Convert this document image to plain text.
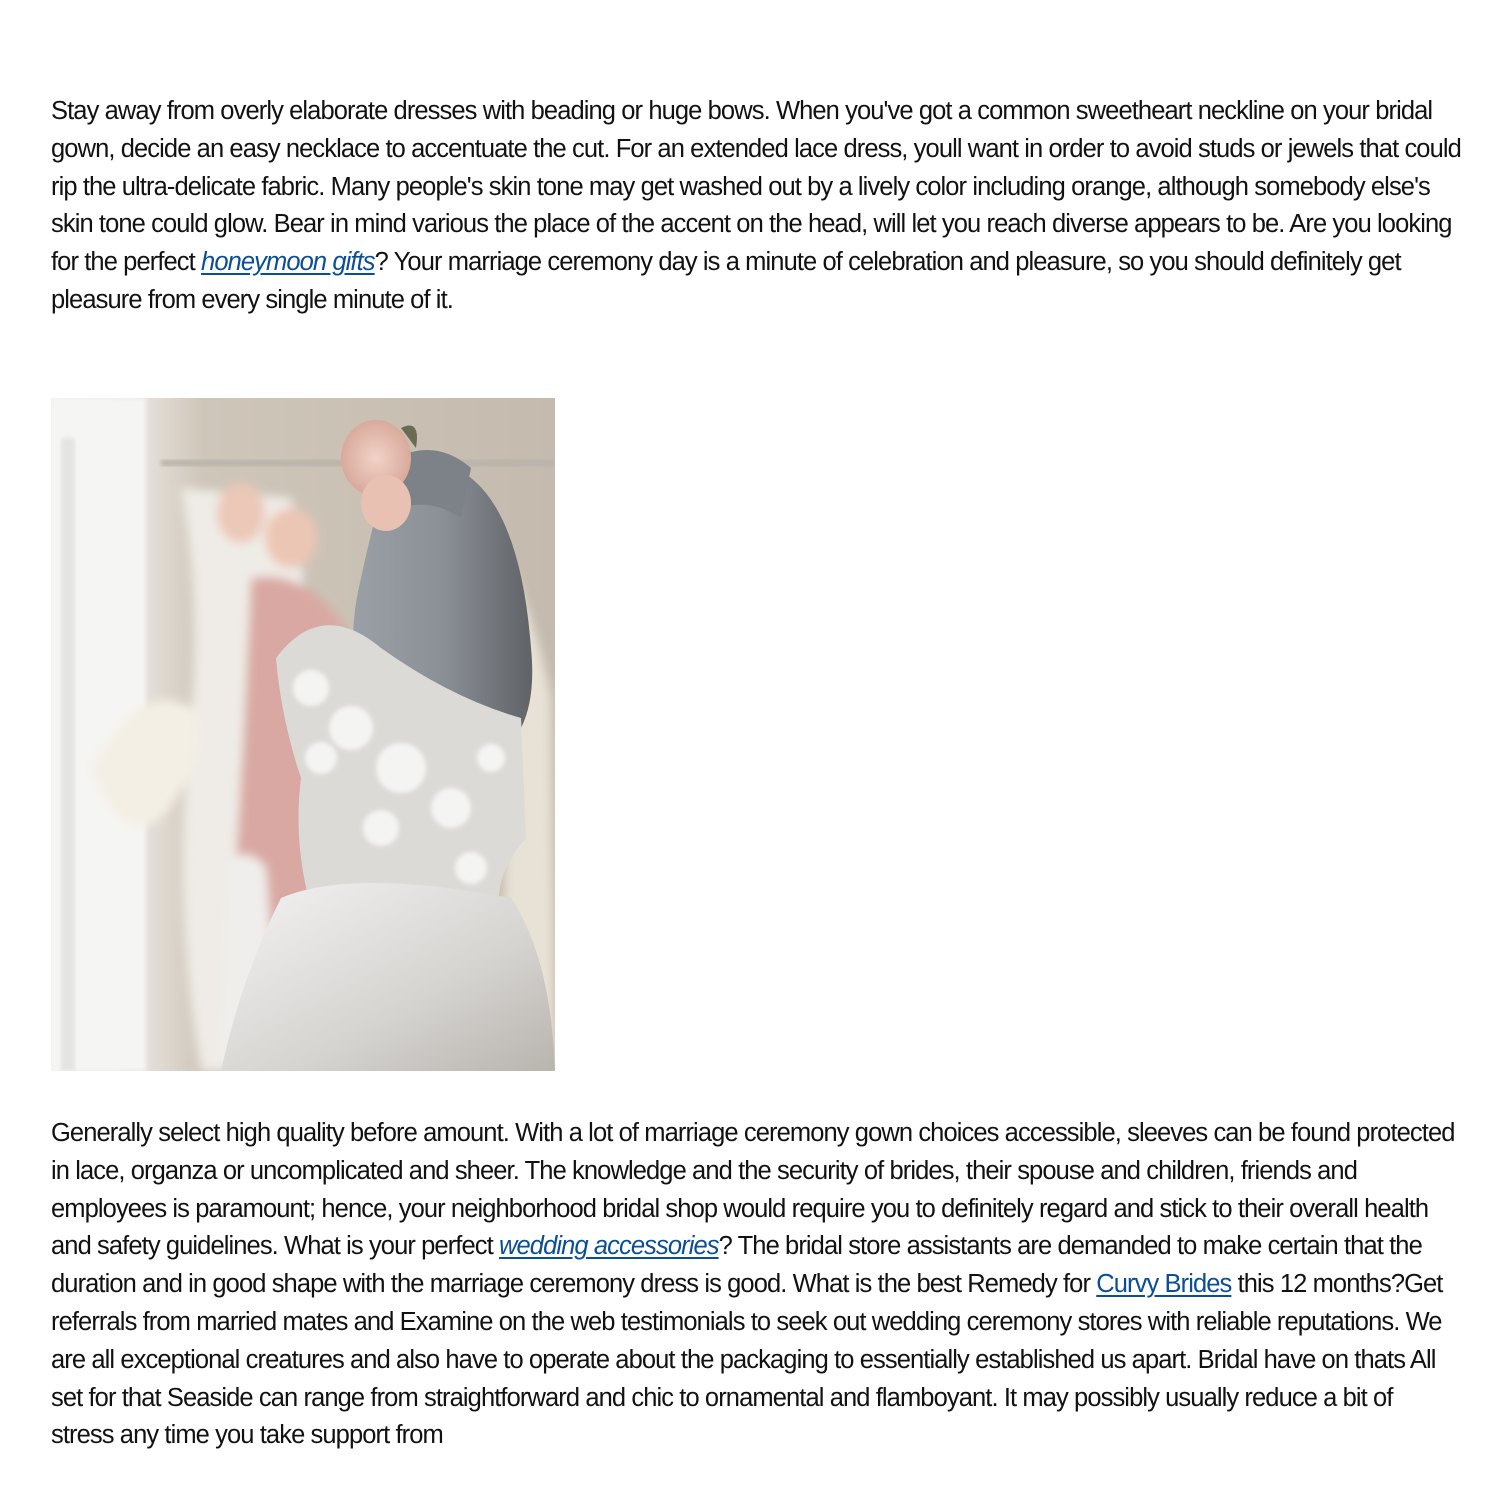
Stay away from overly elaborate dresses with beading or huge bows. When you've got a common sweetheart neckline on your bridal gown, decide an easy necklace to accentuate the cut. For an extended lace dress, youll want in order to avoid studs or jewels that could rip the ultra-delicate fabric. Many people's skin tone may get washed out by a lively color including orange, although somebody else's skin tone could glow. Bear in mind various the place of the accent on the head, will let you reach diverse appears to be. Are you looking for the perfect honeymoon gifts? Your marriage ceremony day is a minute of celebration and pleasure, so you should definitely get pleasure from every single minute of it.

Generally select high quality before amount. With a lot of marriage ceremony gown choices accessible, sleeves can be found protected in lace, organza or uncomplicated and sheer. The knowledge and the security of brides, their spouse and children, friends and employees is paramount; hence, your neighborhood bridal shop would require you to definitely regard and stick to their overall health and safety guidelines. What is your perfect wedding accessories? The bridal store assistants are demanded to make certain that the duration and in good shape with the marriage ceremony dress is good. What is the best Remedy for Curvy Brides this 12 months?Get referrals from married mates and Examine on the web testimonials to seek out wedding ceremony stores with reliable reputations. We are all exceptional creatures and also have to operate about the packaging to essentially established us apart. Bridal have on thats All set for that Seaside can range from straightforward and chic to ornamental and flamboyant. It may possibly usually reduce a bit of stress any time you take support from
